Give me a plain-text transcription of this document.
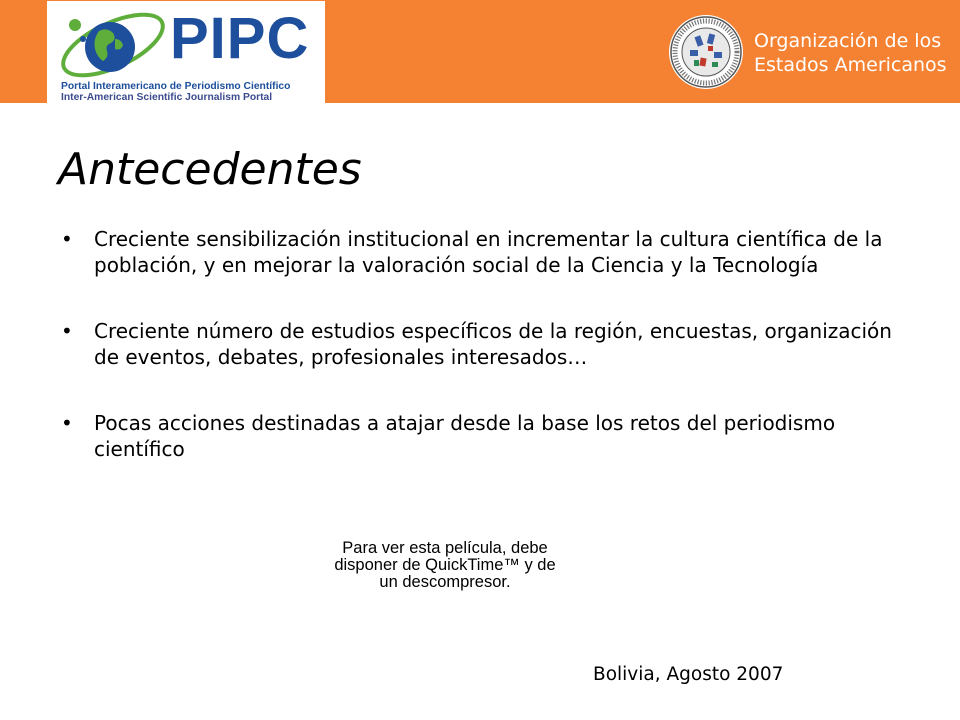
PIPC
Portal Interamericano de Periodismo Científico
Inter-American Scientific Journalism Portal
Organización de los
Estados Americanos
Antecedentes
• Creciente sensibilización institucional en incrementar la cultura científica de la población, y en mejorar la valoración social de la Ciencia y la Tecnología
• Creciente número de estudios específicos de la región, encuestas, organización de eventos, debates, profesionales interesados…
• Pocas acciones destinadas a atajar desde la base los retos del periodismo científico
Para ver esta película, debe
disponer de QuickTime™ y de
un descompresor.
Bolivia, Agosto 2007
